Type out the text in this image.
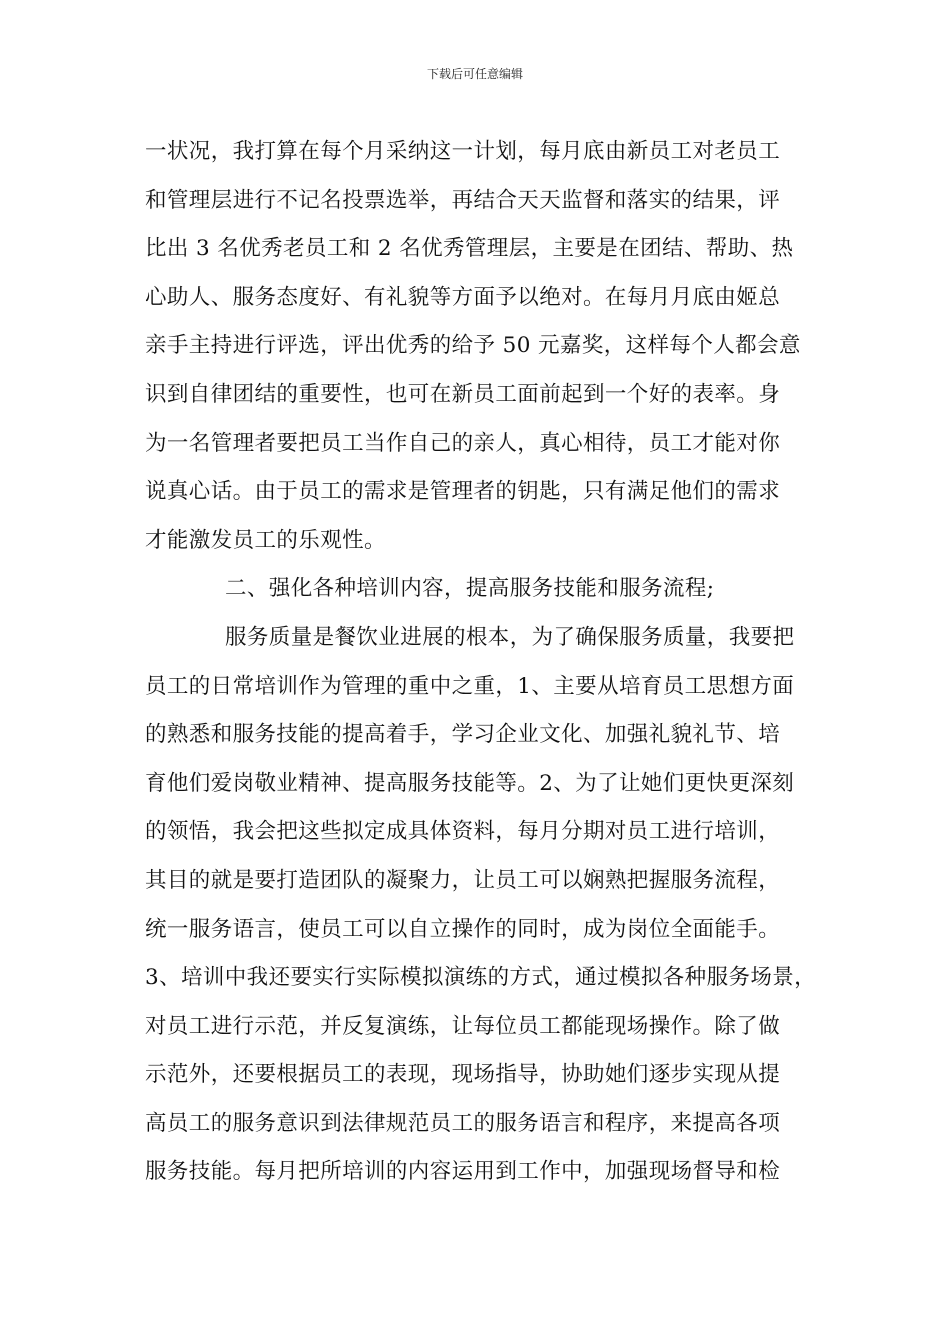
下载后可任意编辑
一状况，我打算在每个月采纳这一计划，每月底由新员工对老员工
和管理层进行不记名投票选举，再结合天天监督和落实的结果，评
比出 3 名优秀老员工和 2 名优秀管理层，主要是在团结、帮助、热
心助人、服务态度好、有礼貌等方面予以绝对。在每月月底由姬总
亲手主持进行评选，评出优秀的给予 50 元嘉奖，这样每个人都会意
识到自律团结的重要性，也可在新员工面前起到一个好的表率。身
为一名管理者要把员工当作自己的亲人，真心相待，员工才能对你
说真心话。由于员工的需求是管理者的钥匙，只有满足他们的需求
才能激发员工的乐观性。
二、强化各种培训内容，提高服务技能和服务流程;
服务质量是餐饮业进展的根本，为了确保服务质量，我要把
员工的日常培训作为管理的重中之重，1、主要从培育员工思想方面
的熟悉和服务技能的提高着手，学习企业文化、加强礼貌礼节、培
育他们爱岗敬业精神、提高服务技能等。2、为了让她们更快更深刻
的领悟，我会把这些拟定成具体资料，每月分期对员工进行培训，
其目的就是要打造团队的凝聚力，让员工可以娴熟把握服务流程，
统一服务语言，使员工可以自立操作的同时，成为岗位全面能手。
3、培训中我还要实行实际模拟演练的方式，通过模拟各种服务场景，
对员工进行示范，并反复演练，让每位员工都能现场操作。除了做
示范外，还要根据员工的表现，现场指导，协助她们逐步实现从提
高员工的服务意识到法律规范员工的服务语言和程序，来提高各项
服务技能。每月把所培训的内容运用到工作中，加强现场督导和检
